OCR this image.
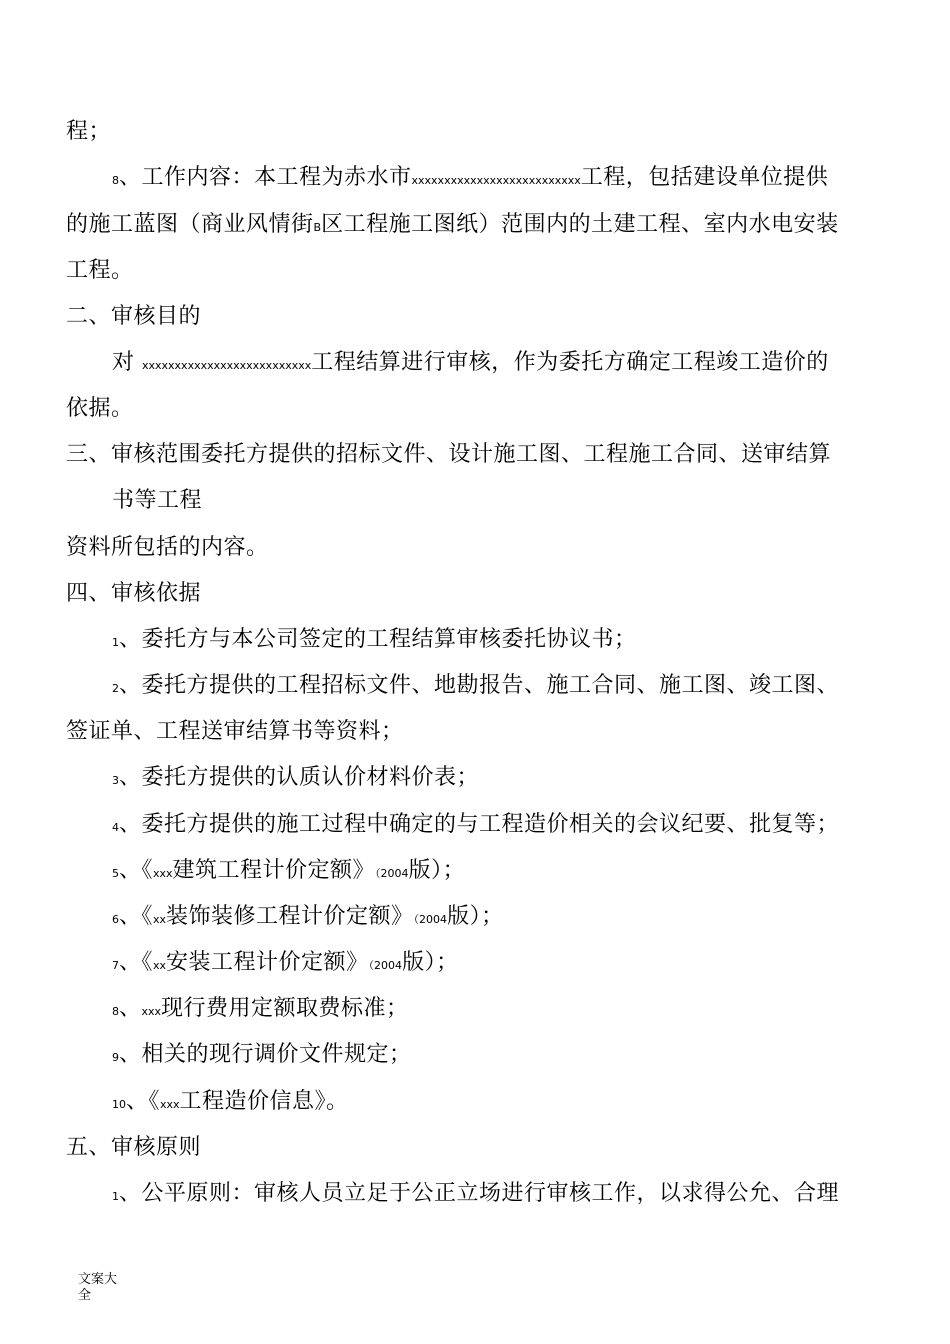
程；
8、工作内容：本工程为赤水市xxxxxxxxxxxxxxxxxxxxxxxxxx工程，包括建设单位提供
的施工蓝图（商业风情街B区工程施工图纸）范围内的土建工程、室内水电安装
工程。
二、审核目的
对 xxxxxxxxxxxxxxxxxxxxxxxxxx工程结算进行审核，作为委托方确定工程竣工造价的
依据。
三、审核范围委托方提供的招标文件、设计施工图、工程施工合同、送审结算
书等工程
资料所包括的内容。
四、审核依据
1、委托方与本公司签定的工程结算审核委托协议书；
2、委托方提供的工程招标文件、地勘报告、施工合同、施工图、竣工图、
签证单、工程送审结算书等资料；
3、委托方提供的认质认价材料价表；
4、委托方提供的施工过程中确定的与工程造价相关的会议纪要、批复等；
5、《xxx建筑工程计价定额》（2004版）；
6、《xx装饰装修工程计价定额》（2004版）；
7、《xx安装工程计价定额》（2004版）；
8、xxx现行费用定额取费标准；
9、相关的现行调价文件规定；
10、《xxx工程造价信息》。
五、审核原则
1、公平原则：审核人员立足于公正立场进行审核工作，以求得公允、合理
文案大全
